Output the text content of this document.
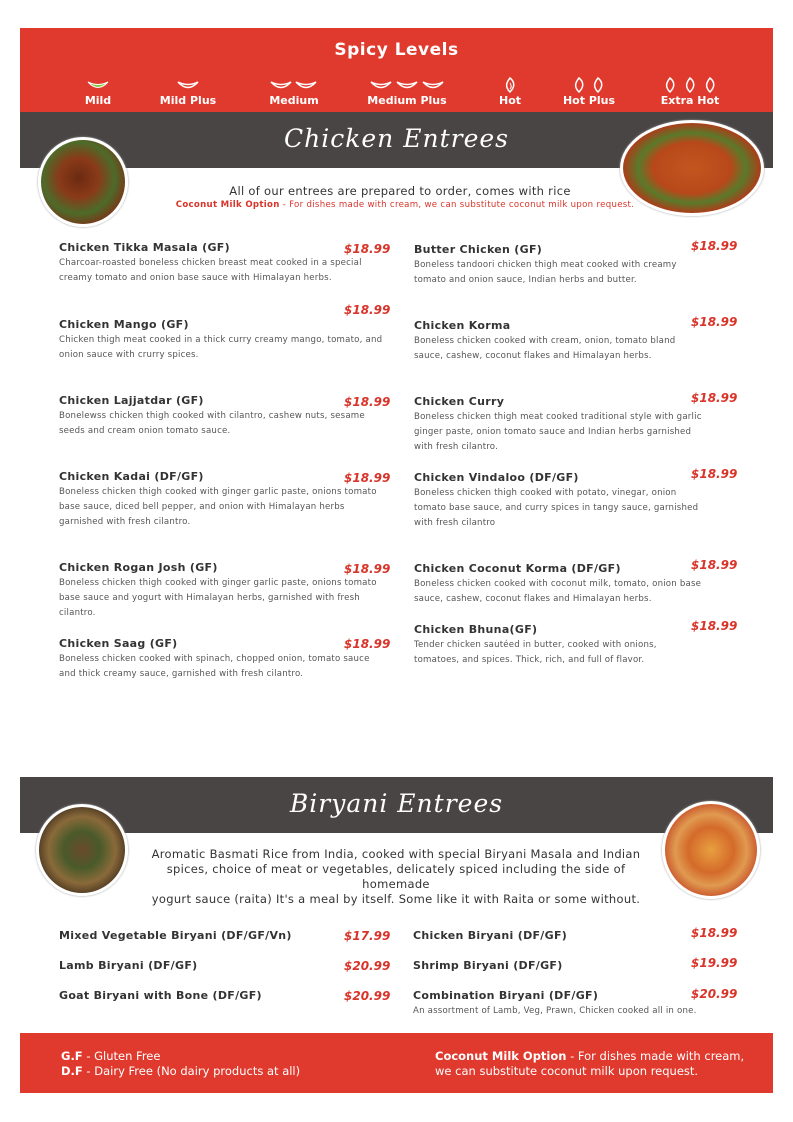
Spicy Levels
Mild	Mild Plus	Medium	Medium Plus	Hot	Hot Plus	Extra Hot
Chicken Entrees
All of our entrees are prepared to order, comes with rice
Coconut Milk Option - For dishes made with cream, we can substitute coconut milk upon request.
Chicken Tikka Masala (GF)
Charcoar-roasted boneless chicken breast meat cooked in a special creamy tomato and onion base sauce with Himalayan herbs.
$18.99
Chicken Mango (GF)
Chicken thigh meat cooked in a thick curry creamy mango, tomato, and onion sauce with crurry spices.
$18.99
Chicken Lajjatdar (GF)
Bonelewss chicken thigh cooked with cilantro, cashew nuts, sesame seeds and cream onion tomato sauce.
$18.99
Chicken Kadai (DF/GF)
Boneless chicken thigh cooked with ginger garlic paste, onions tomato base sauce, diced bell pepper, and onion with Himalayan herbs garnished with fresh cilantro.
$18.99
Chicken Rogan Josh (GF)
Boneless chicken thigh cooked with ginger garlic paste, onions tomato base sauce and yogurt with Himalayan herbs, garnished with fresh cilantro.
$18.99
Chicken Saag (GF)
Boneless chicken cooked with spinach, chopped onion, tomato sauce and thick creamy sauce, garnished with fresh cilantro.
$18.99
Butter Chicken (GF)
Boneless tandoori chicken thigh meat cooked with creamy tomato and onion sauce, Indian herbs and butter.
$18.99
Chicken Korma
Boneless chicken cooked with cream, onion, tomato bland sauce, cashew, coconut flakes and Himalayan herbs.
$18.99
Chicken Curry
Boneless chicken thigh meat cooked traditional style with garlic ginger paste, onion tomato sauce and Indian herbs garnished with fresh cilantro.
$18.99
Chicken Vindaloo (DF/GF)
Boneless chicken thigh cooked with potato, vinegar, onion tomato base sauce, and curry spices in tangy sauce, garnished with fresh cilantro
$18.99
Chicken Coconut Korma (DF/GF)
Boneless chicken cooked with coconut milk, tomato, onion base sauce, cashew, coconut flakes and Himalayan herbs.
$18.99
Chicken Bhuna(GF)
Tender chicken sautéed in butter, cooked with onions, tomatoes, and spices. Thick, rich, and full of flavor.
$18.99
Biryani Entrees
Aromatic Basmati Rice from India, cooked with special Biryani Masala and Indian
spices, choice of meat or vegetables, delicately spiced including the side of homemade
yogurt sauce (raita) It's a meal by itself. Some like it with Raita or some without.
Mixed Vegetable Biryani (DF/GF/Vn)	$17.99
Lamb Biryani (DF/GF)	$20.99
Goat Biryani with Bone (DF/GF)	$20.99
Chicken Biryani (DF/GF)	$18.99
Shrimp Biryani (DF/GF)	$19.99
Combination Biryani (DF/GF)	$20.99
An assortment of Lamb, Veg, Prawn, Chicken cooked all in one.
G.F - Gluten Free
D.F - Dairy Free (No dairy products at all)
Coconut Milk Option - For dishes made with cream,
we can substitute coconut milk upon request.
